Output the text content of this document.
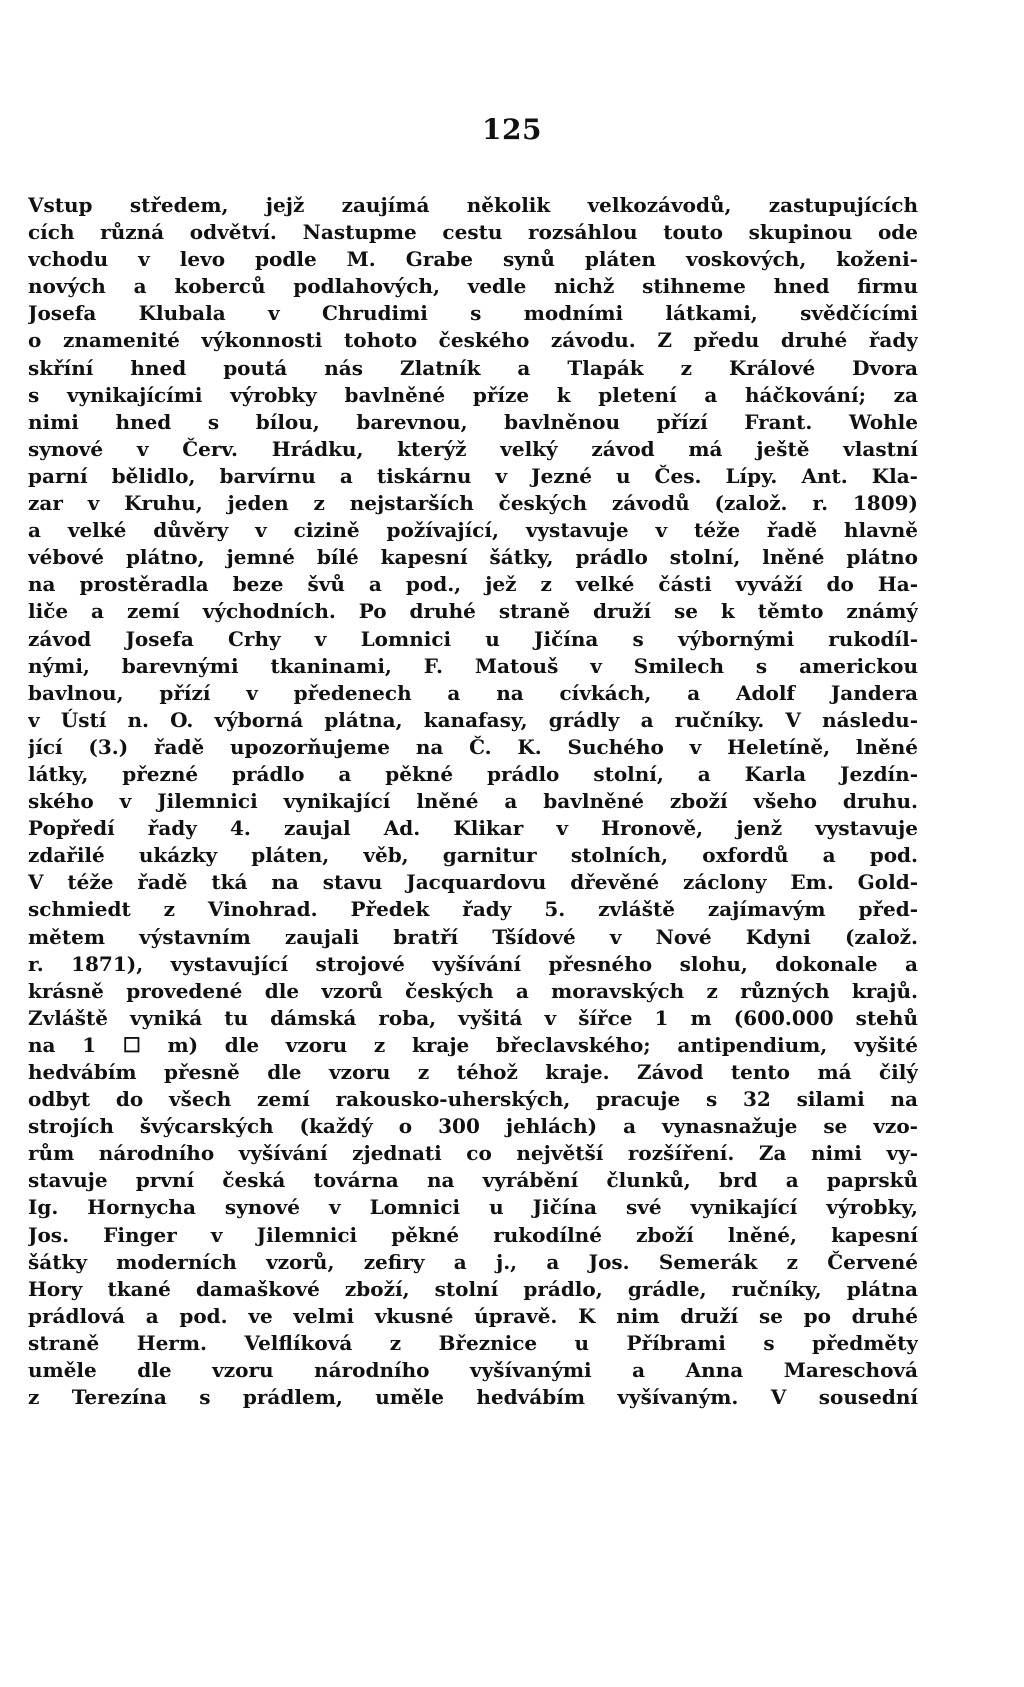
125
Vstup středem, jejž zaujímá několik velkozávodů, zastupujících
cích různá odvětví. Nastupme cestu rozsáhlou touto skupinou ode
vchodu v levo podle M. Grabe synů pláten voskových, koženi-
nových a koberců podlahových, vedle nichž stihneme hned firmu
Josefa Klubala v Chrudimi s modními látkami, svědčícími
o znamenité výkonnosti tohoto českého závodu. Z předu druhé řady
skříní hned poutá nás Zlatník a Tlapák z Králové Dvora
s vynikajícími výrobky bavlněné příze k pletení a háčkování; za
nimi hned s bílou, barevnou, bavlněnou přízí Frant. Wohle
synové v Červ. Hrádku, kterýž velký závod má ještě vlastní
parní bělidlo, barvírnu a tiskárnu v Jezné u Čes. Lípy. Ant. Kla-
zar v Kruhu, jeden z nejstarších českých závodů (založ. r. 1809)
a velké důvěry v cizině požívající, vystavuje v téže řadě hlavně
vébové plátno, jemné bílé kapesní šátky, prádlo stolní, lněné plátno
na prostěradla beze švů a pod., jež z velké části vyváží do Ha-
liče a zemí východních. Po druhé straně druží se k těmto známý
závod Josefa Crhy v Lomnici u Jičína s výbornými rukodíl-
nými, barevnými tkaninami, F. Matouš v Smilech s americkou
bavlnou, přízí v předenech a na cívkách, a Adolf Jandera
v Ústí n. O. výborná plátna, kanafasy, grádly a ručníky. V následu-
jící (3.) řadě upozorňujeme na Č. K. Suchého v Heletíně, lněné
látky, přezné prádlo a pěkné prádlo stolní, a Karla Jezdín-
ského v Jilemnici vynikající lněné a bavlněné zboží všeho druhu.
Popředí řady 4. zaujal Ad. Klikar v Hronově, jenž vystavuje
zdařilé ukázky pláten, věb, garnitur stolních, oxfordů a pod.
V téže řadě tká na stavu Jacquardovu dřevěné záclony Em. Gold-
schmiedt z Vinohrad. Předek řady 5. zvláště zajímavým před-
mětem výstavním zaujali bratří Tšídové v Nové Kdyni (založ.
r. 1871), vystavující strojové vyšívání přesného slohu, dokonale a
krásně provedené dle vzorů českých a moravských z různých krajů.
Zvláště vyniká tu dámská roba, vyšitá v šířce 1 m (600.000 stehů
na 1 ☐ m) dle vzoru z kraje břeclavského; antipendium, vyšité
hedvábím přesně dle vzoru z téhož kraje. Závod tento má čilý
odbyt do všech zemí rakousko-uherských, pracuje s 32 silami na
strojích švýcarských (každý o 300 jehlách) a vynasnažuje se vzo-
rům národního vyšívání zjednati co největší rozšíření. Za nimi vy-
stavuje první česká továrna na vyrábění člunků, brd a paprsků
Ig. Hornycha synové v Lomnici u Jičína své vynikající výrobky,
Jos. Finger v Jilemnici pěkné rukodílné zboží lněné, kapesní
šátky moderních vzorů, zefiry a j., a Jos. Semerák z Červené
Hory tkané damaškové zboží, stolní prádlo, grádle, ručníky, plátna
prádlová a pod. ve velmi vkusné úpravě. K nim druží se po druhé
straně Herm. Velflíková z Březnice u Příbrami s předměty
uměle dle vzoru národního vyšívanými a Anna Mareschová
z Terezína s prádlem, uměle hedvábím vyšívaným. V sousední
